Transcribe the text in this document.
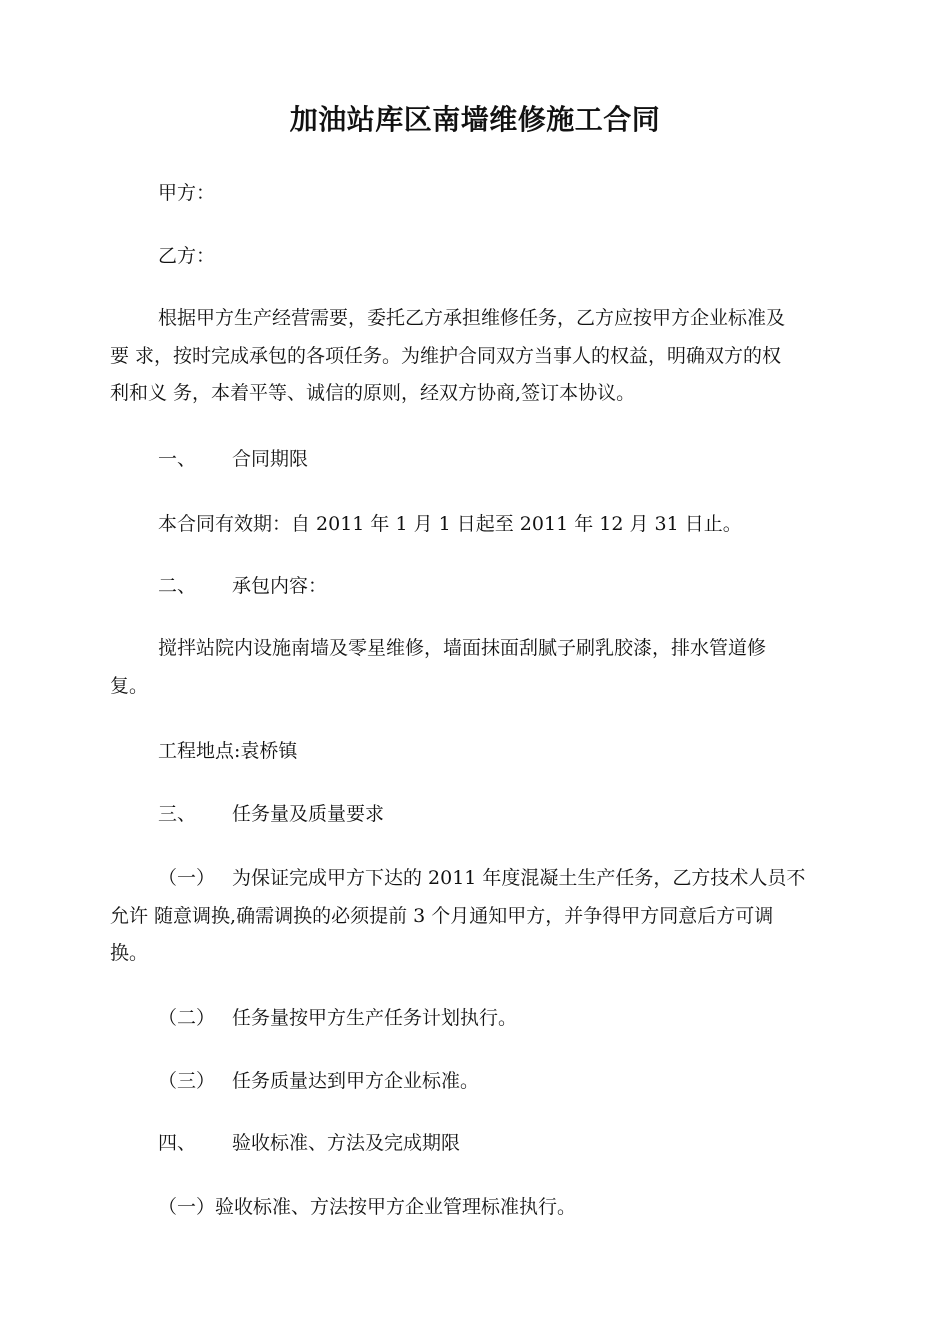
加油站库区南墙维修施工合同
甲方：
乙方：

根据甲方生产经营需要，委托乙方承担维修任务，乙方应按甲方企业标准及

要 求，按时完成承包的各项任务。为维护合同双方当事人的权益，明确双方的权

利和义 务，本着平等、诚信的原则，经双方协商,签订本协议。

一、 合同期限
本合同有效期：自 2011 年 1 月 1 日起至 2011 年 12 月 31 日止。
二、 承包内容：

搅拌站院内设施南墙及零星维修，墙面抹面刮腻子刷乳胶漆，排水管道修

复。

工程地点:袁桥镇
三、 任务量及质量要求
（一） 为保证完成甲方下达的 2011 年度混凝土生产任务，乙方技术人员不

允许 随意调换,确需调换的必须提前 3 个月通知甲方，并争得甲方同意后方可调

换。

（二） 任务量按甲方生产任务计划执行。
（三） 任务质量达到甲方企业标准。
四、 验收标准、方法及完成期限
（一）验收标准、方法按甲方企业管理标准执行。
